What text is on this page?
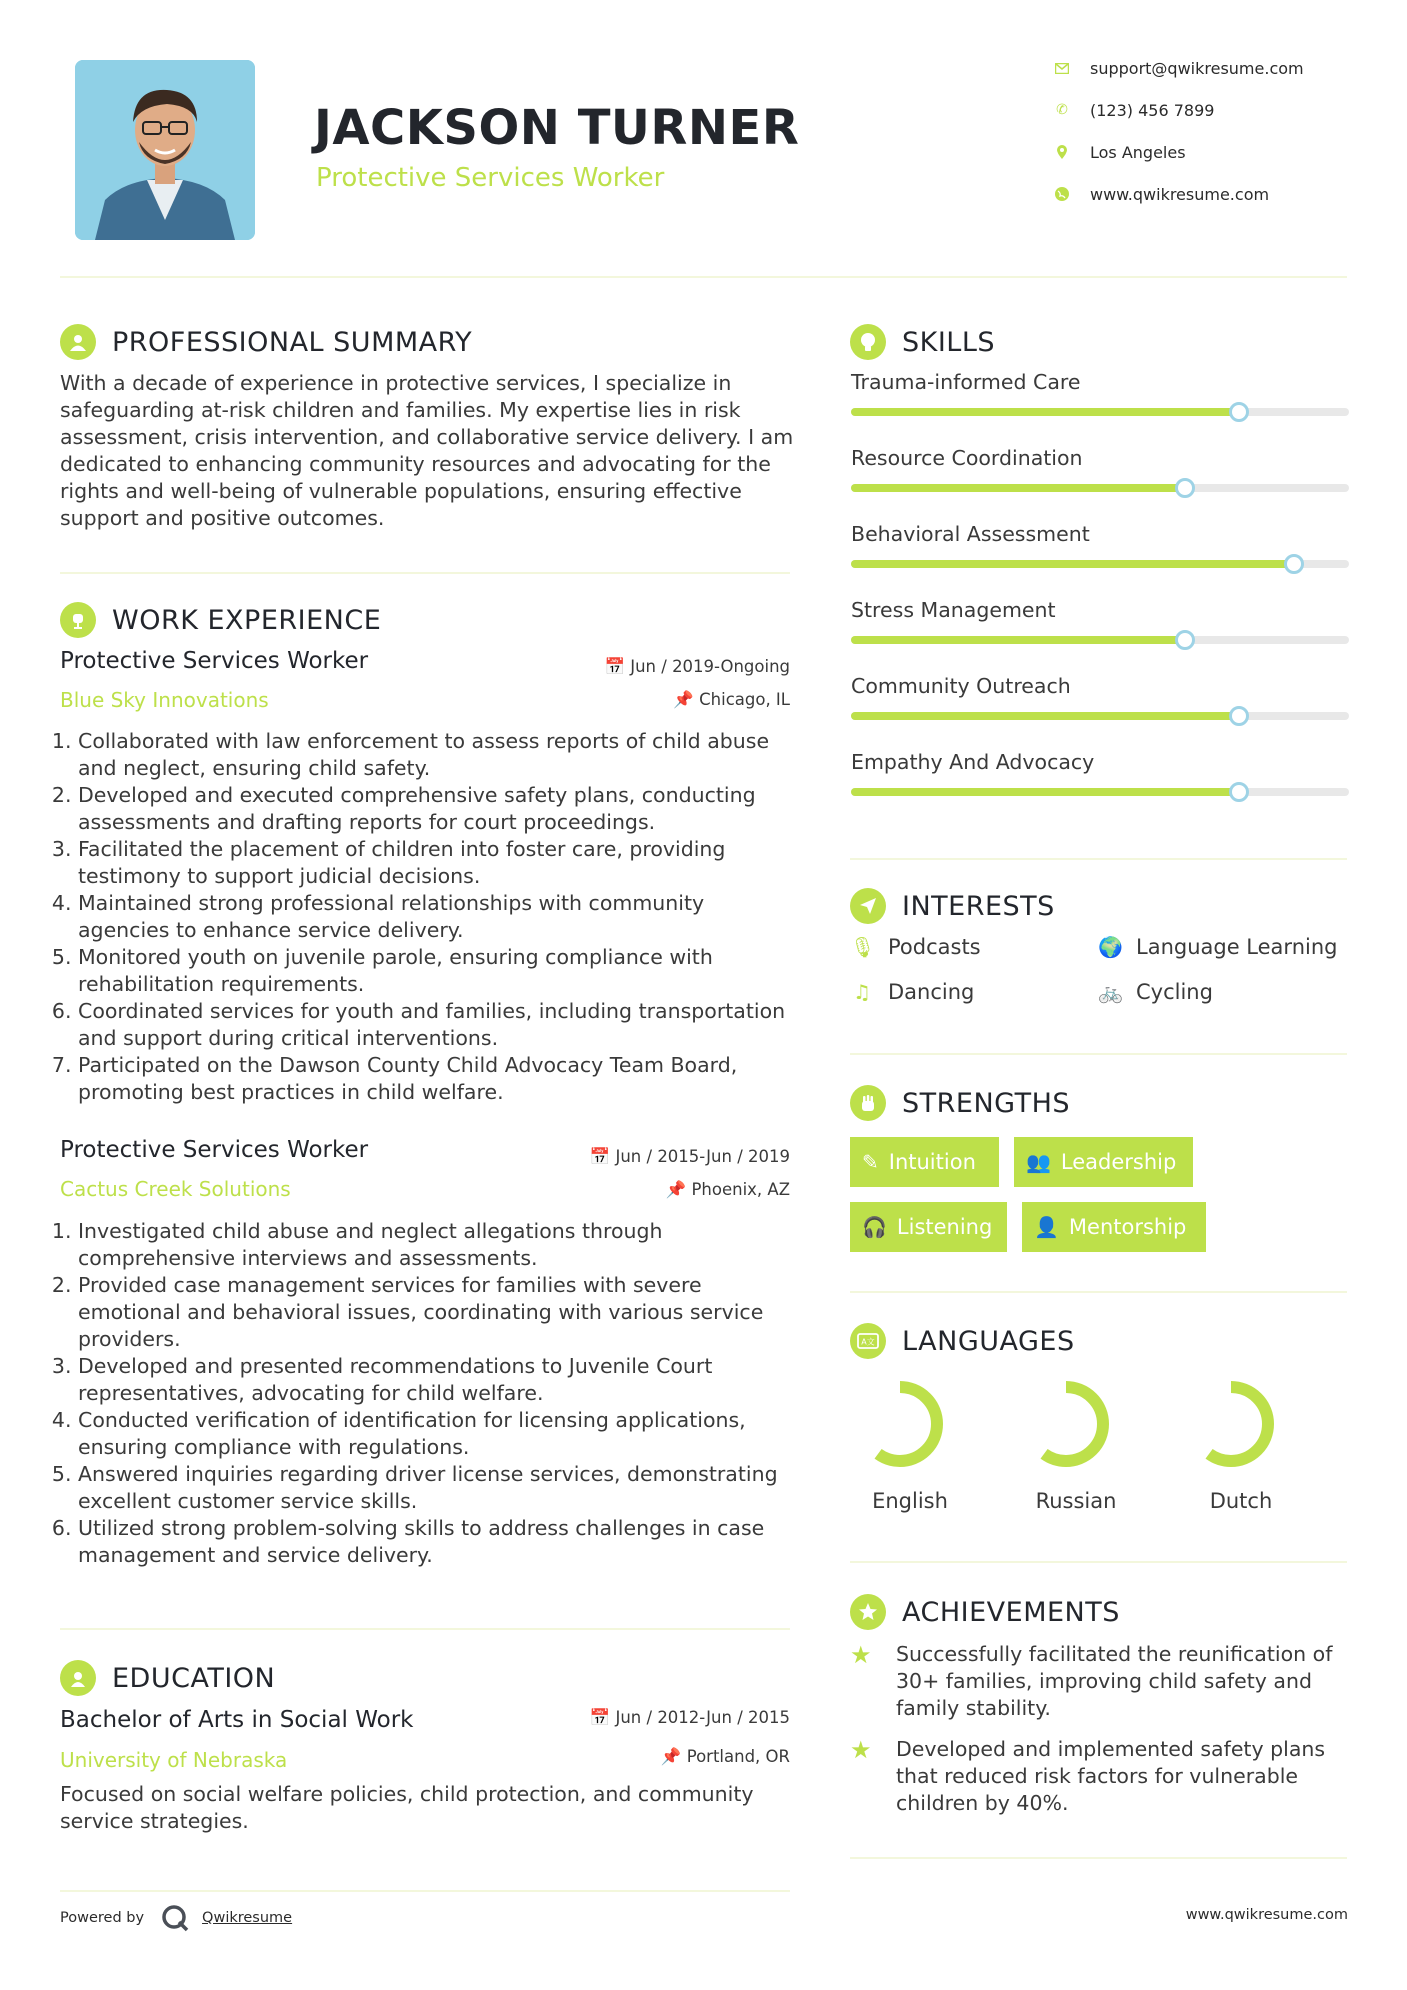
JACKSON TURNER
Protective Services Worker
support@qwikresume.com
✆ (123) 456 7899
Los Angeles
www.qwikresume.com
PROFESSIONAL SUMMARY
With a decade of experience in protective services, I specialize in
safeguarding at-risk children and families. My expertise lies in risk
assessment, crisis intervention, and collaborative service delivery. I am
dedicated to enhancing community resources and advocating for the
rights and well-being of vulnerable populations, ensuring effective
support and positive outcomes.
WORK EXPERIENCE
Protective Services Worker
Blue Sky Innovations
📅 Jun / 2019-Ongoing
📌 Chicago, IL
1. Collaborated with law enforcement to assess reports of child abuse and neglect, ensuring child safety.
2. Developed and executed comprehensive safety plans, conducting assessments and drafting reports for court proceedings.
3. Facilitated the placement of children into foster care, providing testimony to support judicial decisions.
4. Maintained strong professional relationships with community agencies to enhance service delivery.
5. Monitored youth on juvenile parole, ensuring compliance with rehabilitation requirements.
6. Coordinated services for youth and families, including transportation and support during critical interventions.
7. Participated on the Dawson County Child Advocacy Team Board, promoting best practices in child welfare.
Protective Services Worker
Cactus Creek Solutions
📅 Jun / 2015-Jun / 2019
📌 Phoenix, AZ
1. Investigated child abuse and neglect allegations through comprehensive interviews and assessments.
2. Provided case management services for families with severe emotional and behavioral issues, coordinating with various service providers.
3. Developed and presented recommendations to Juvenile Court representatives, advocating for child welfare.
4. Conducted verification of identification for licensing applications, ensuring compliance with regulations.
5. Answered inquiries regarding driver license services, demonstrating excellent customer service skills.
6. Utilized strong problem-solving skills to address challenges in case management and service delivery.
EDUCATION
Bachelor of Arts in Social Work
University of Nebraska
📅 Jun / 2012-Jun / 2015
📌 Portland, OR
Focused on social welfare policies, child protection, and community service strategies.
SKILLS
Trauma-informed Care
Resource Coordination
Behavioral Assessment
Stress Management
Community Outreach
Empathy And Advocacy
INTERESTS
🎙 Podcasts	🌍 Language Learning
♫ Dancing	🚲 Cycling
STRENGTHS
✎ Intuition	👥 Leadership
🎧 Listening 👤 Mentorship
A文 LANGUAGES
English	Russian	Dutch
ACHIEVEMENTS
★	Successfully facilitated the reunification of
30+ families, improving child safety and
family stability.
★	Developed and implemented safety plans
that reduced risk factors for vulnerable
children by 40%.
Powered by	Qwikresume	www.qwikresume.com
